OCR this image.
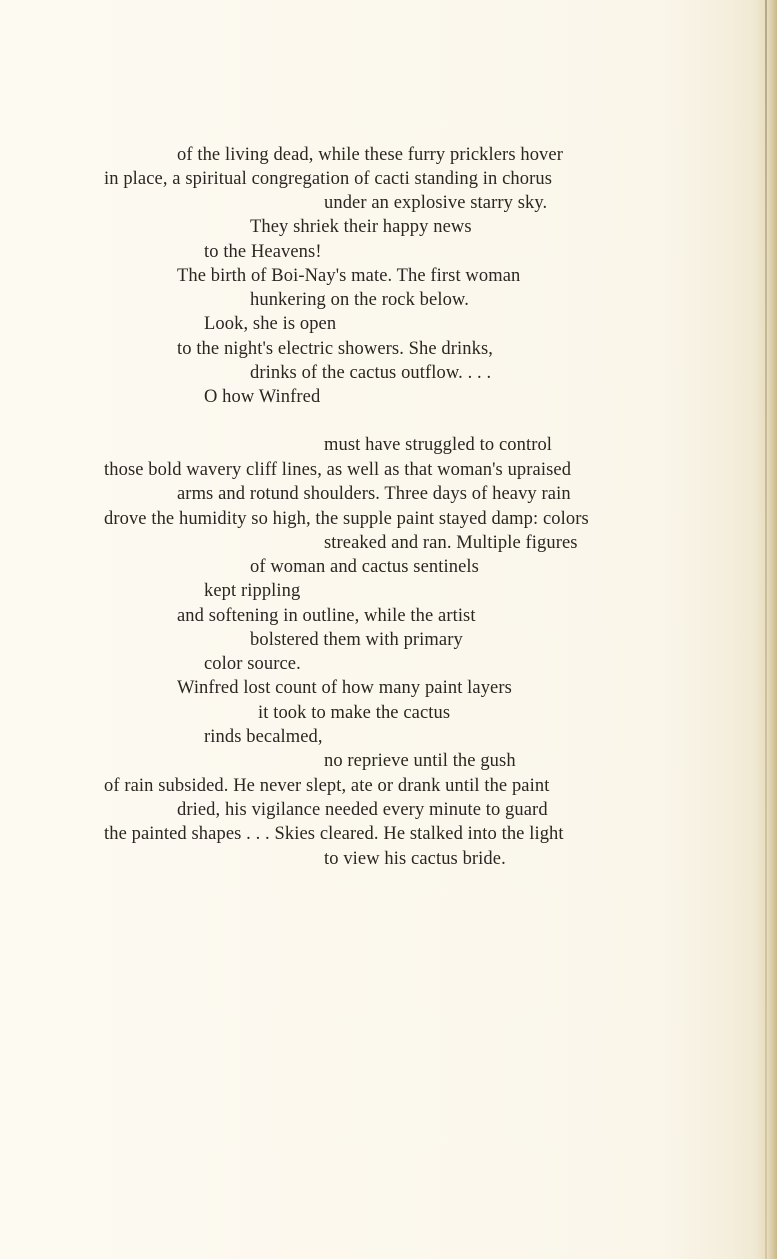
of the living dead, while these furry pricklers hover
in place, a spiritual congregation of cacti standing in chorus
under an explosive starry sky.
They shriek their happy news
to the Heavens!
The birth of Boi-Nay's mate. The first woman
hunkering on the rock below.
Look, she is open
to the night's electric showers. She drinks,
drinks of the cactus outflow. . . .
O how Winfred
must have struggled to control
those bold wavery cliff lines, as well as that woman's upraised
arms and rotund shoulders. Three days of heavy rain
drove the humidity so high, the supple paint stayed damp: colors
streaked and ran. Multiple figures
of woman and cactus sentinels
kept rippling
and softening in outline, while the artist
bolstered them with primary
color source.
Winfred lost count of how many paint layers
it took to make the cactus
rinds becalmed,
no reprieve until the gush
of rain subsided. He never slept, ate or drank until the paint
dried, his vigilance needed every minute to guard
the painted shapes . . . Skies cleared. He stalked into the light
to view his cactus bride.
